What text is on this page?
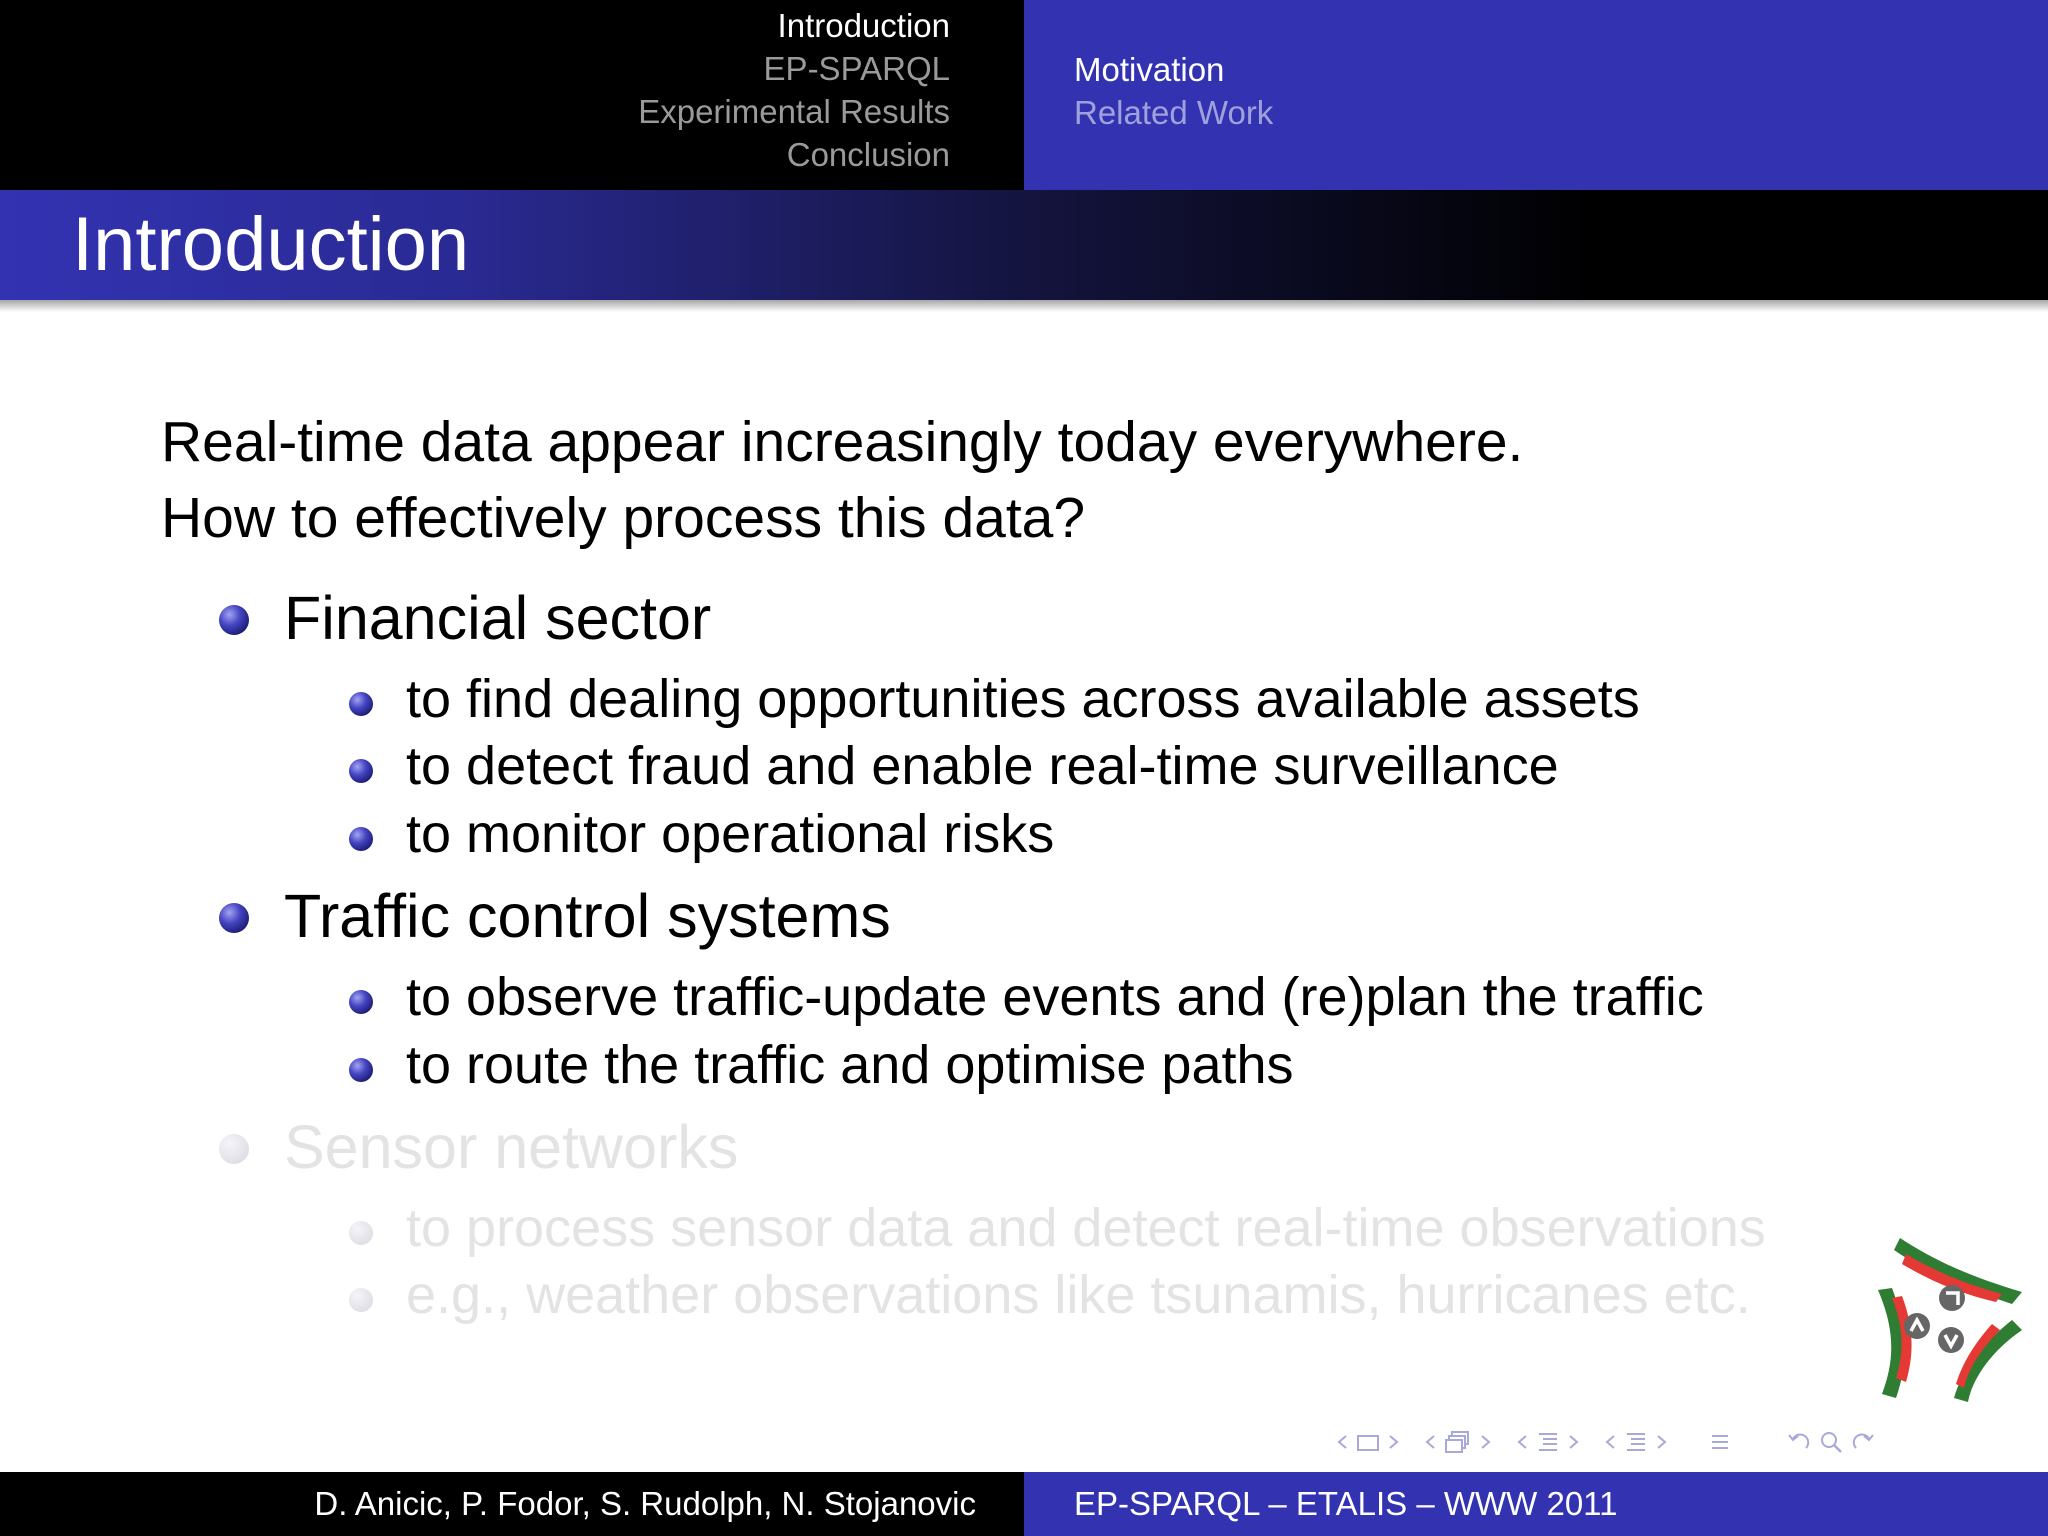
Introduction
EP-SPARQL
Experimental Results
Conclusion
Motivation
Related Work
Introduction

Real-time data appear increasingly today everywhere.
How to effectively process this data?

Financial sector
to find dealing opportunities across available assets
to detect fraud and enable real-time surveillance
to monitor operational risks
Traffic control systems
to observe traffic-update events and (re)plan the traffic
to route the traffic and optimise paths
Sensor networks
to process sensor data and detect real-time observations
e.g., weather observations like tsunamis, hurricanes etc.

D. Anicic, P. Fodor, S. Rudolph, N. Stojanovic	EP-SPARQL – ETALIS – WWW 2011
